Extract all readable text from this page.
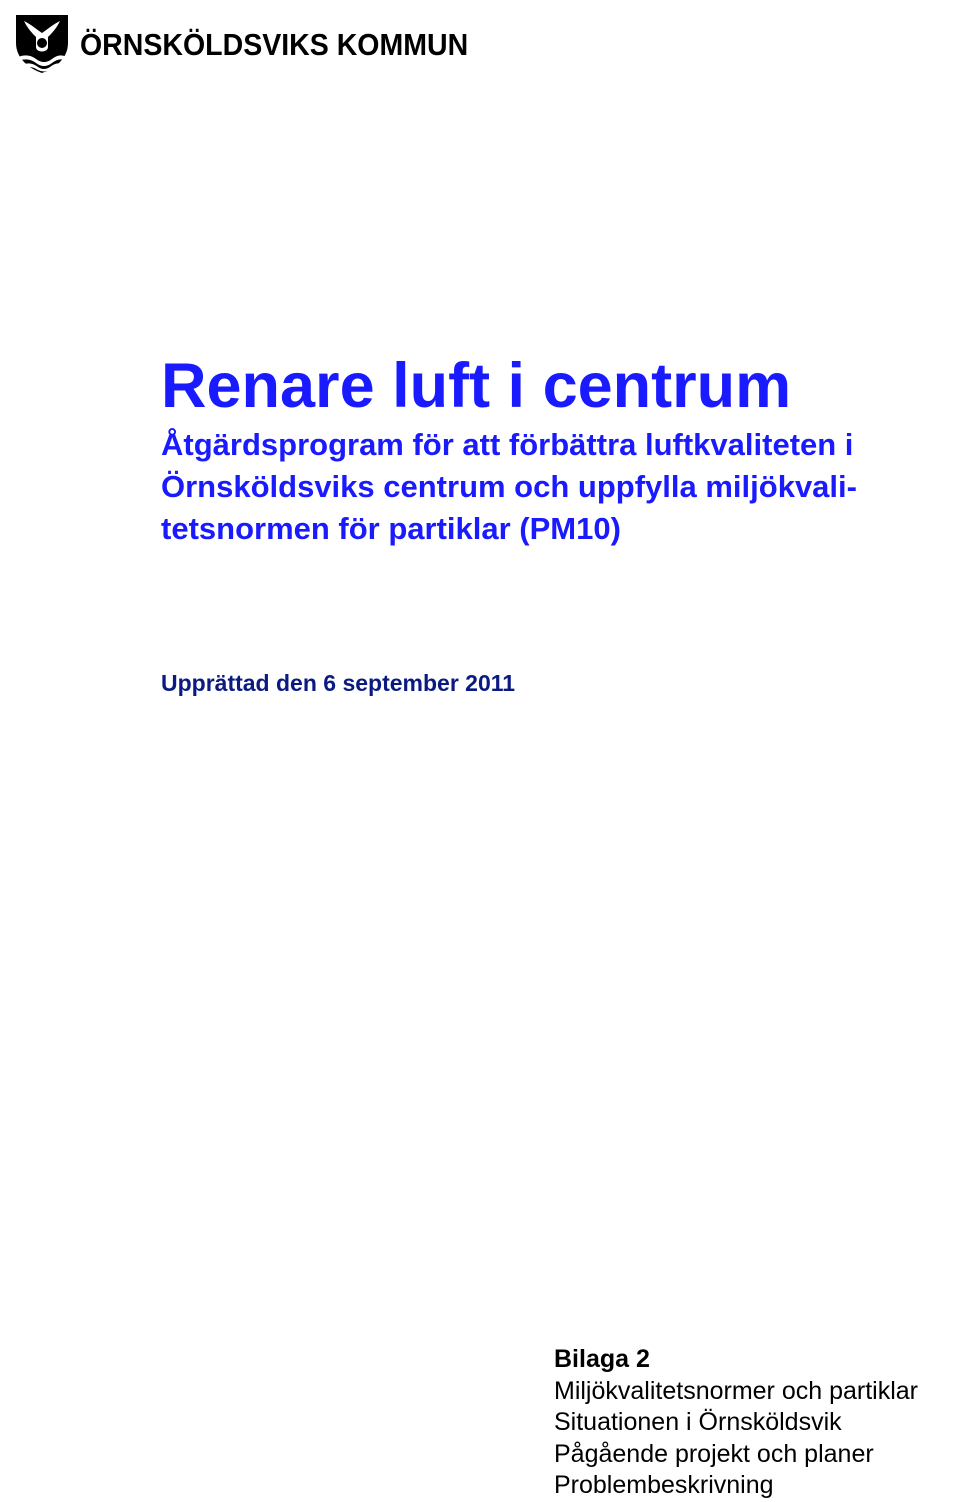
ÖRNSKÖLDSVIKS KOMMUN
Renare luft i centrum
Åtgärdsprogram för att förbättra luftkvaliteten i
Örnsköldsviks centrum och uppfylla miljökvali-
tetsnormen för partiklar (PM10)

Upprättad den 6 september 2011

Bilaga 2
Miljökvalitetsnormer och partiklar
Situationen i Örnsköldsvik
Pågående projekt och planer
Problembeskrivning
